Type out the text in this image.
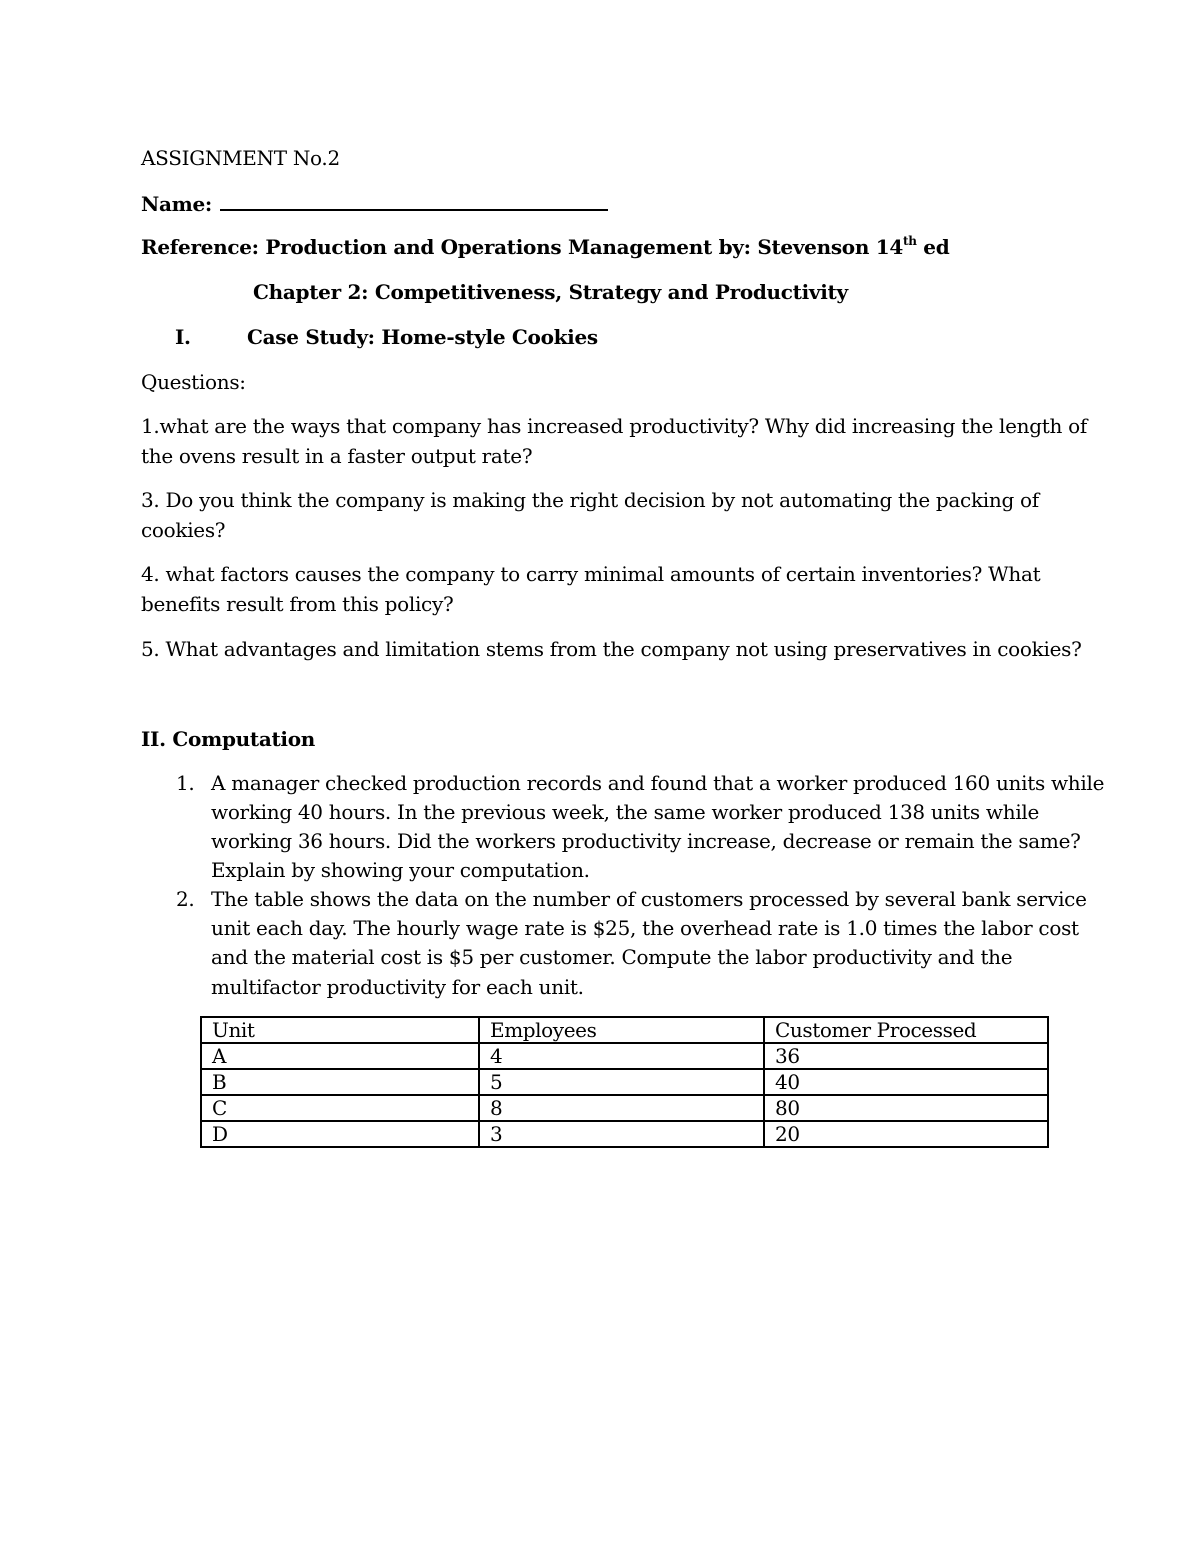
ASSIGNMENT No.2
Name:
Reference: Production and Operations Management by: Stevenson 14th ed
Chapter 2: Competitiveness, Strategy and Productivity
I.	Case Study: Home-style Cookies
Questions:
1.what are the ways that company has increased productivity? Why did increasing the length of
the ovens result in a faster output rate?
3. Do you think the company is making the right decision by not automating the packing of
cookies?
4. what factors causes the company to carry minimal amounts of certain inventories? What
benefits result from this policy?
5. What advantages and limitation stems from the company not using preservatives in cookies?
II. Computation
1. A manager checked production records and found that a worker produced 160 units while
working 40 hours. In the previous week, the same worker produced 138 units while
working 36 hours. Did the workers productivity increase, decrease or remain the same?
Explain by showing your computation.
2. The table shows the data on the number of customers processed by several bank service
unit each day. The hourly wage rate is $25, the overhead rate is 1.0 times the labor cost
and the material cost is $5 per customer. Compute the labor productivity and the
multifactor productivity for each unit.
Unit	Employees	Customer Processed
A	4	36
B	5	40
C	8	80
D	3	20
